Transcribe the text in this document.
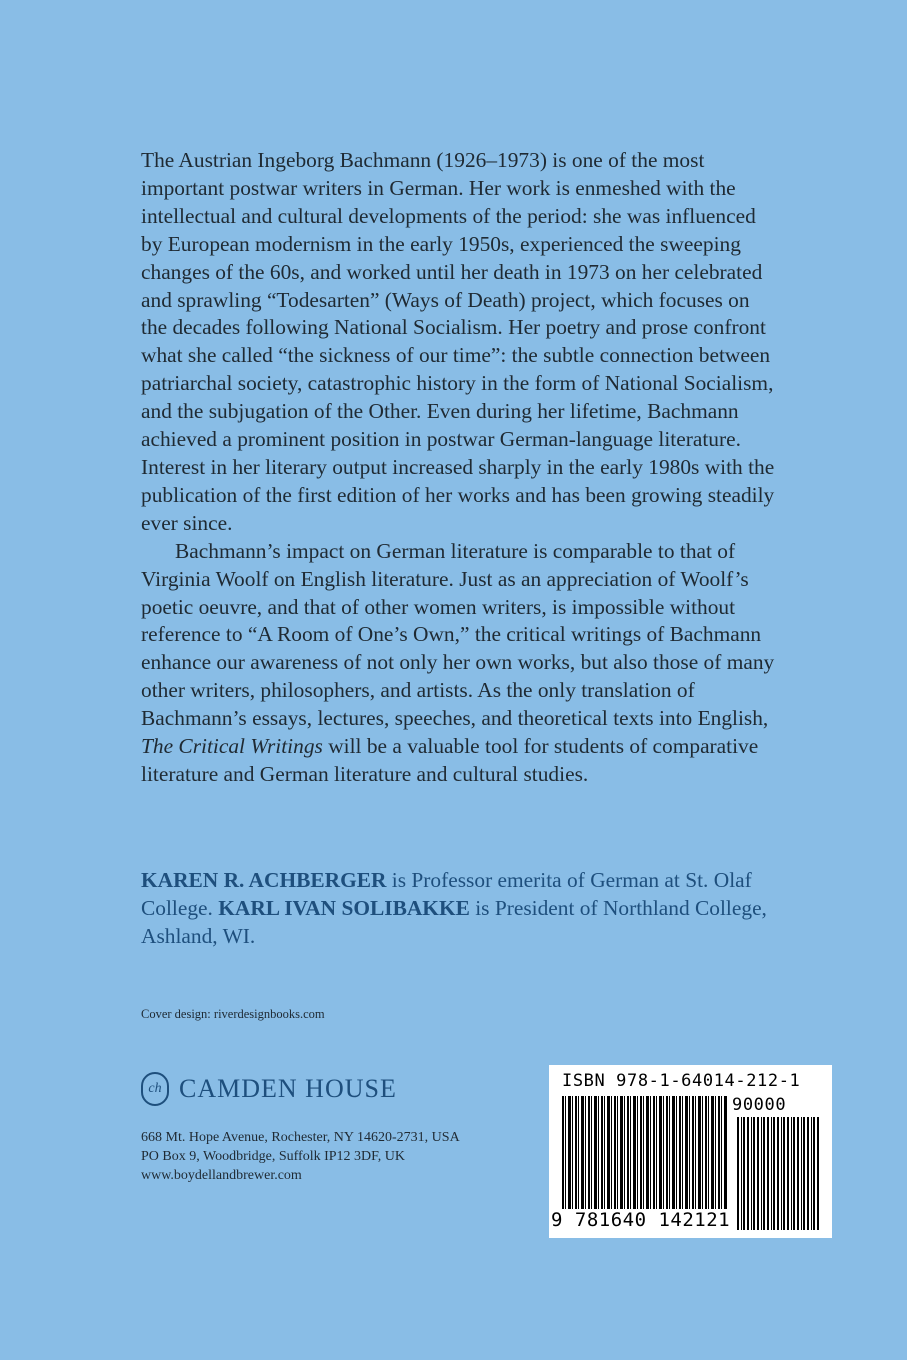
The Austrian Ingeborg Bachmann (1926–1973) is one of the most important postwar writers in German. Her work is enmeshed with the intellectual and cultural developments of the period: she was influenced by European modernism in the early 1950s, experienced the sweeping changes of the 60s, and worked until her death in 1973 on her celebrated and sprawling “Todesarten” (Ways of Death) project, which focuses on the decades following National Socialism. Her poetry and prose confront what she called “the sickness of our time”: the subtle connection between patriarchal society, catastrophic history in the form of National Socialism, and the subjugation of the Other. Even during her lifetime, Bachmann achieved a prominent position in postwar German-language literature. Interest in her literary output increased sharply in the early 1980s with the publication of the first edition of her works and has been growing steadily ever since.

Bachmann’s impact on German literature is comparable to that of Virginia Woolf on English literature. Just as an appreciation of Woolf’s poetic oeuvre, and that of other women writers, is impossible without reference to “A Room of One’s Own,” the critical writings of Bachmann enhance our awareness of not only her own works, but also those of many other writers, philosophers, and artists. As the only translation of Bachmann’s essays, lectures, speeches, and theoretical texts into English, The Critical Writings will be a valuable tool for students of comparative literature and German literature and cultural studies.

KAREN R. ACHBERGER is Professor emerita of German at St. Olaf College. KARL IVAN SOLIBAKKE is President of Northland College, Ashland, WI.
Cover design: riverdesignbooks.com
ch CAMDEN HOUSE
668 Mt. Hope Avenue, Rochester, NY 14620-2731, USA
PO Box 9, Woodbridge, Suffolk IP12 3DF, UK
www.boydellandbrewer.com
ISBN 978-1-64014-212-1
90000
9 781640 142121
